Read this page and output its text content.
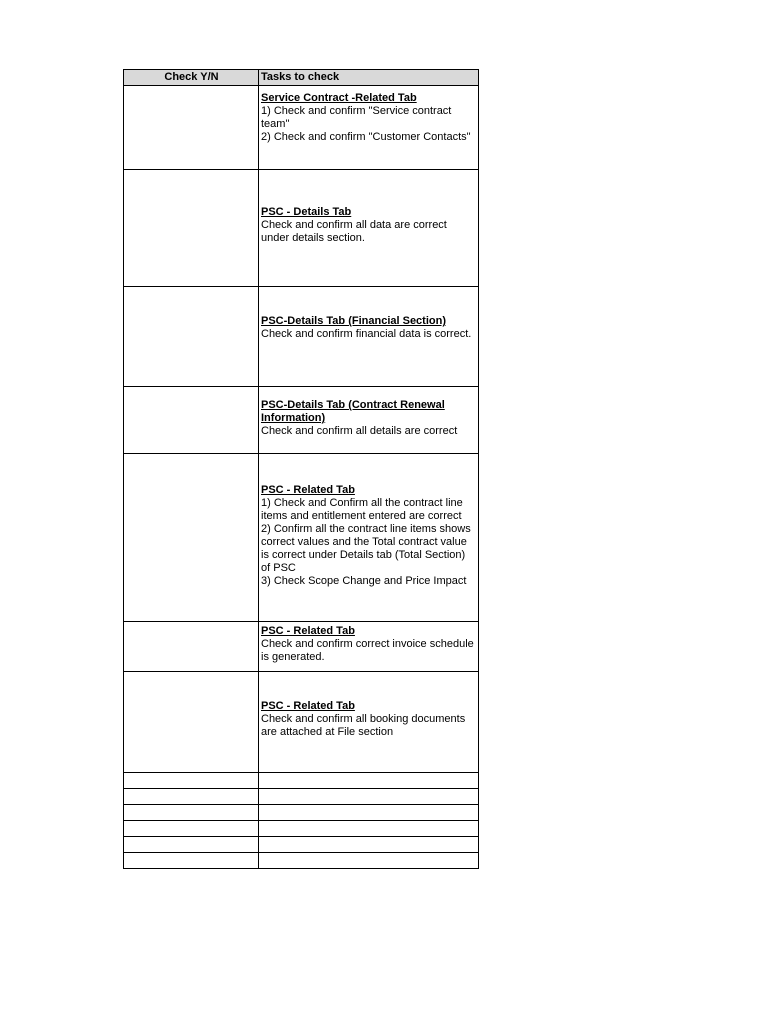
Check Y/N	Tasks to check

	Service Contract -Related Tab
1) Check and confirm "Service contract team"
2) Check and confirm "Customer Contacts"

	PSC - Details Tab
Check and confirm all data are correct under details section.

	PSC-Details Tab (Financial Section)
Check and confirm financial data is correct.

	PSC-Details Tab (Contract Renewal Information)
Check and confirm all details are correct

	PSC - Related Tab
1) Check and Confirm all the contract line items and entitlement entered are correct
2) Confirm all the contract line items shows correct values and the Total contract value is correct under Details tab (Total Section) of PSC
3) Check Scope Change and Price Impact

	PSC - Related Tab
Check and confirm correct invoice schedule is generated.

	PSC - Related Tab
Check and confirm all booking documents are attached at File section
